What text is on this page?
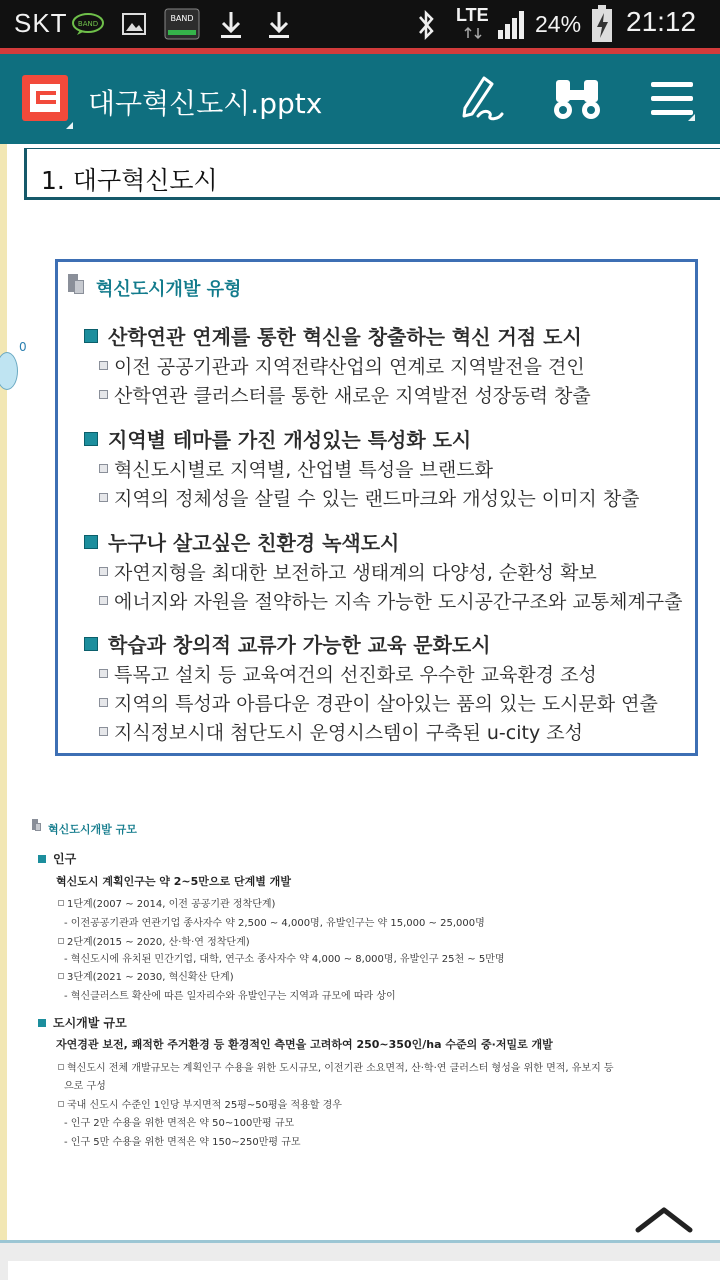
SKT BAND
BAND	LTE 24% 21:12
대구혁신도시.pptx
0
1. 대구혁신도시
혁신도시개발 유형
산학연관 연계를 통한 혁신을 창출하는 혁신 거점 도시
이전 공공기관과 지역전략산업의 연계로 지역발전을 견인
산학연관 클러스터를 통한 새로운 지역발전 성장동력 창출
지역별 테마를 가진 개성있는 특성화 도시
혁신도시별로 지역별, 산업별 특성을 브랜드화
지역의 정체성을 살릴 수 있는 랜드마크와 개성있는 이미지 창출
누구나 살고싶은 친환경 녹색도시
자연지형을 최대한 보전하고 생태계의 다양성, 순환성 확보
에너지와 자원을 절약하는 지속 가능한 도시공간구조와 교통체계구출
학습과 창의적 교류가 가능한 교육 문화도시
특목고 설치 등 교육여건의 선진화로 우수한 교육환경 조성
지역의 특성과 아름다운 경관이 살아있는 품의 있는 도시문화 연출
지식정보시대 첨단도시 운영시스템이 구축된 u-city 조성
혁신도시개발 규모
인구
혁신도시 계획인구는 약 2~5만으로 단계별 개발
1단계(2007 ~ 2014, 이전 공공기관 정착단계)
- 이전공공기관과 연관기업 종사자수 약 2,500 ~ 4,000명, 유발인구는 약 15,000 ~ 25,000명
2단계(2015 ~ 2020, 산·학·연 정착단계)
- 혁신도시에 유치된 민간기업, 대학, 연구소 종사자수 약 4,000 ~ 8,000명, 유발인구 25천 ~ 5만명
3단계(2021 ~ 2030, 혁신확산 단계)
- 혁신클러스트 확산에 따른 일자리수와 유발인구는 지역과 규모에 따라 상이
도시개발 규모
자연경관 보전, 쾌적한 주거환경 등 환경적인 측면을 고려하여 250~350인/ha 수준의 중·저밀로 개발
혁신도시 전체 개발규모는 계획인구 수용을 위한 도시규모, 이전기관 소요면적, 산·학·연 클러스터 형성을 위한 면적, 유보지 등
으로 구성
국내 신도시 수준인 1인당 부지면적 25평~50평을 적용할 경우
- 인구 2만 수용을 위한 면적은 약 50~100만평 규모
- 인구 5만 수용을 위한 면적은 약 150~250만평 규모
